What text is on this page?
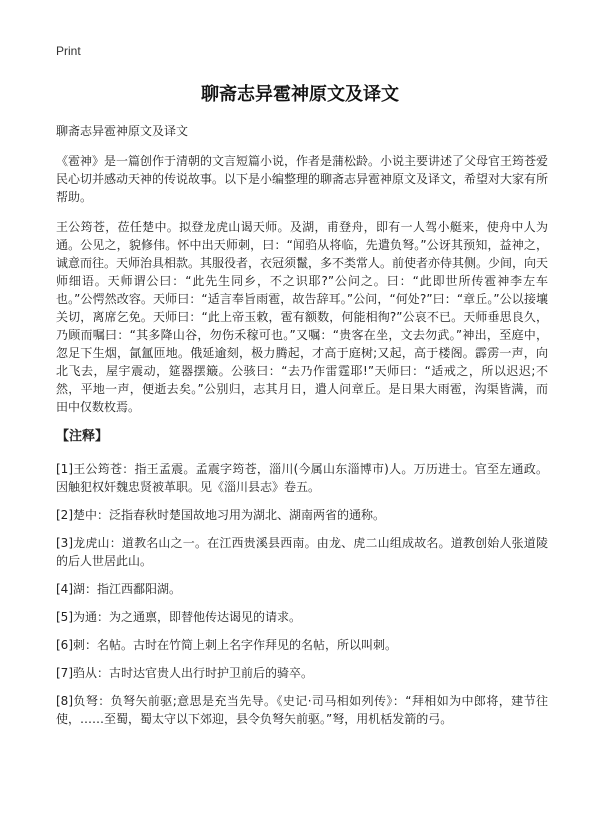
Print
聊斋志异雹神原文及译文

聊斋志异雹神原文及译文

《雹神》是一篇创作于清朝的文言短篇小说，作者是蒲松龄。小说主要讲述了父母官王筠苍爱民心切并感动天神的传说故事。以下是小编整理的聊斋志异雹神原文及译文，希望对大家有所帮助。

王公筠苍，莅任楚中。拟登龙虎山谒天师。及湖，甫登舟，即有一人驾小艇来，使舟中人为通。公见之，貌修伟。怀中出天师刺，曰：“闻驺从将临，先遣负弩。”公讶其预知，益神之，诚意而往。天师治具相款。其服役者，衣冠须鬣，多不类常人。前使者亦侍其侧。少间，向天师细语。天师谓公曰：“此先生同乡，不之识耶?”公问之。曰：“此即世所传雹神李左车也。”公愕然改容。天师曰：“适言奉旨雨雹，故告辞耳。”公问，“何处?”曰：“章丘。”公以接壤关切，离席乞免。天师曰：“此上帝玉敕，雹有额数，何能相徇?”公哀不已。天师垂思良久，乃顾而嘱曰：“其多降山谷，勿伤禾稼可也。”又嘱：“贵客在坐，文去勿武。”神出，至庭中，忽足下生烟，氤氲匝地。俄延逾刻，极力腾起，才高于庭树;又起，高于楼阁。霹雳一声，向北飞去，屋宇震动，筵器摆簸。公骇曰：“去乃作雷霆耶!”天师曰：“适戒之，所以迟迟;不然，平地一声，便逝去矣。”公别归，志其月日，遣人问章丘。是日果大雨雹，沟渠皆满，而田中仅数枚焉。

【注释】

[1]王公筠苍：指王孟震。孟震字筠苍，淄川(今属山东淄博市)人。万历进士。官至左通政。因触犯权奸魏忠贤被革职。见《淄川县志》卷五。

[2]楚中：泛指春秋时楚国故地习用为湖北、湖南两省的通称。

[3]龙虎山：道教名山之一。在江西贵溪县西南。由龙、虎二山组成故名。道教创始人张道陵的后人世居此山。

[4]湖：指江西鄱阳湖。

[5]为通：为之通禀，即替他传达谒见的请求。

[6]刺：名帖。古时在竹简上刺上名字作拜见的名帖，所以叫刺。

[7]驺从：古时达官贵人出行时护卫前后的骑卒。

[8]负弩：负弩矢前驱;意思是充当先导。《史记·司马相如列传》：“拜相如为中郎将，建节往使，……至蜀，蜀太守以下郊迎，县令负弩矢前驱。”弩，用机栝发箭的弓。
